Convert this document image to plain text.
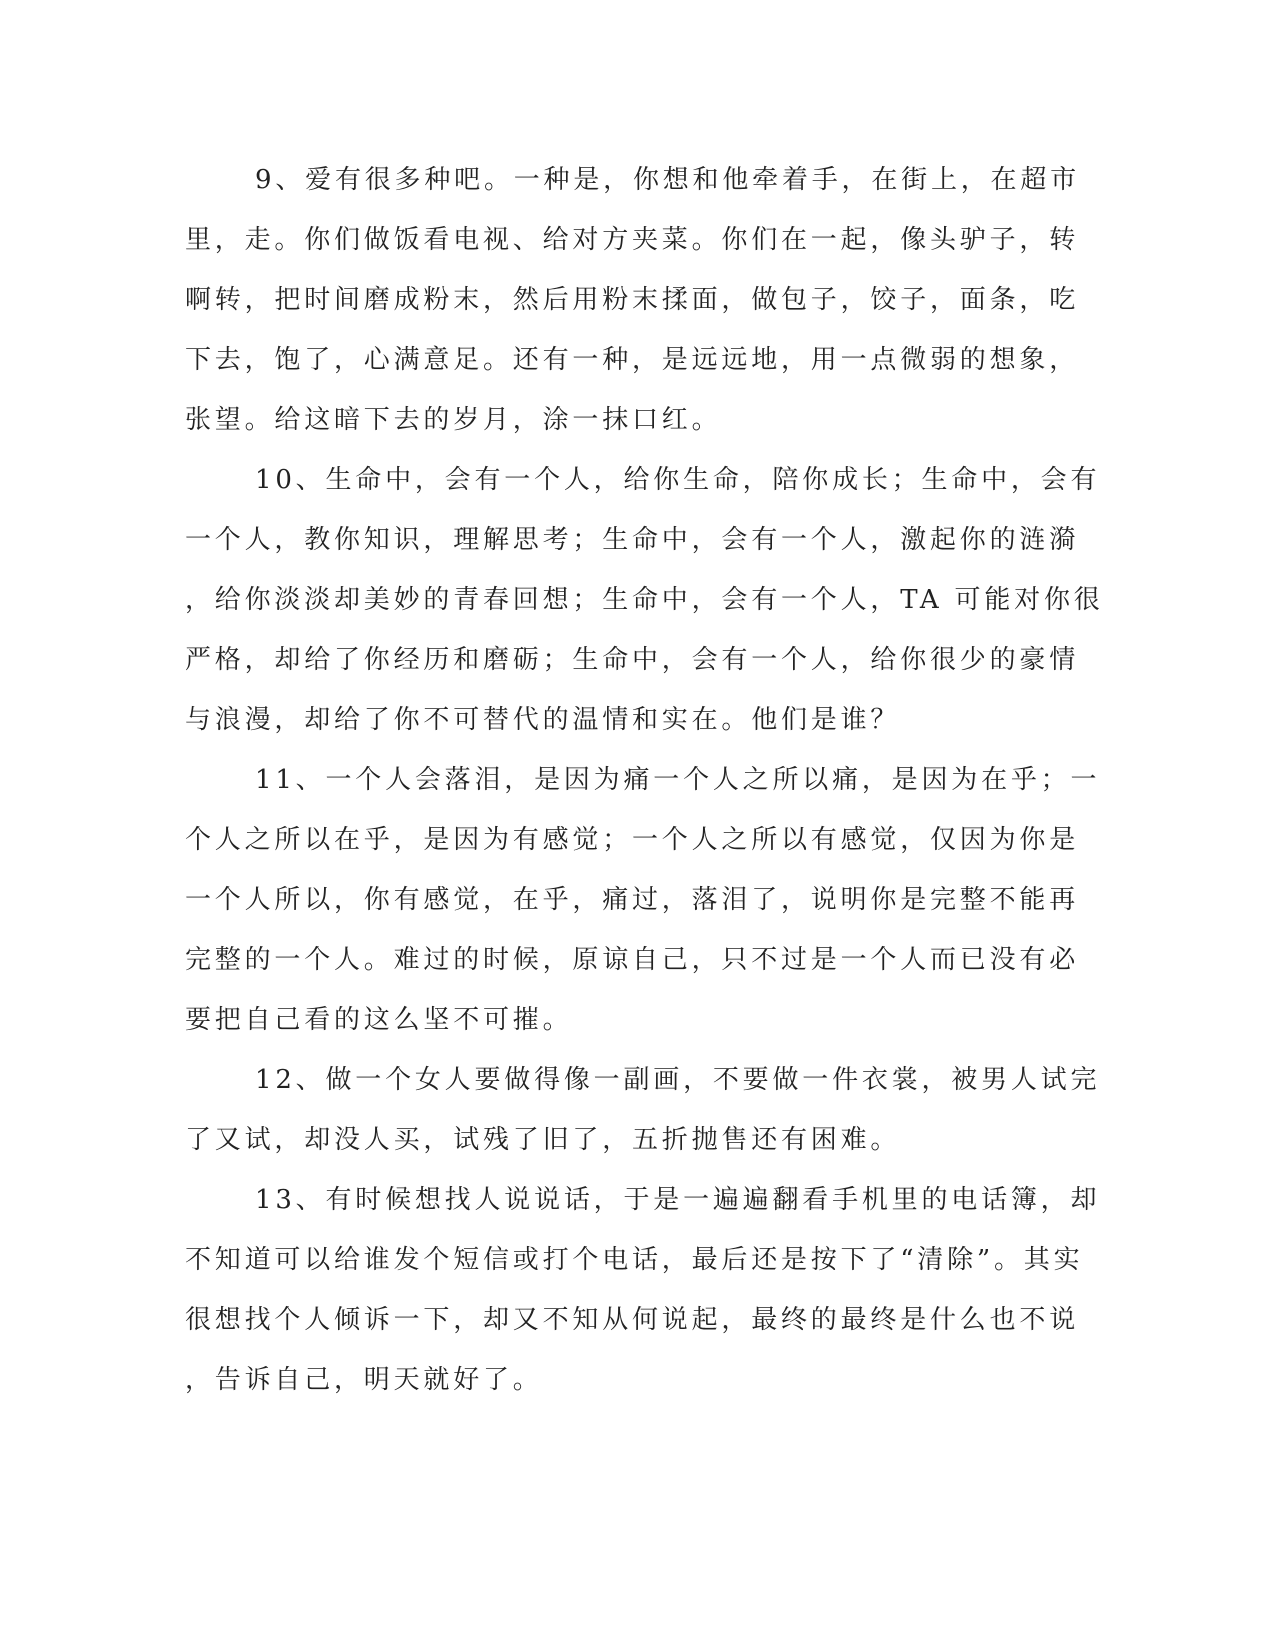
9、爱有很多种吧。一种是，你想和他牵着手，在街上，在超市
里，走。你们做饭看电视、给对方夹菜。你们在一起，像头驴子，转
啊转，把时间磨成粉末，然后用粉末揉面，做包子，饺子，面条，吃
下去，饱了，心满意足。还有一种，是远远地，用一点微弱的想象，
张望。给这暗下去的岁月，涂一抹口红。

10、生命中，会有一个人，给你生命，陪你成长；生命中，会有
一个人，教你知识，理解思考；生命中，会有一个人，激起你的涟漪
，给你淡淡却美妙的青春回想；生命中，会有一个人，TA 可能对你很
严格，却给了你经历和磨砺；生命中，会有一个人，给你很少的豪情
与浪漫，却给了你不可替代的温情和实在。他们是谁？

11、一个人会落泪，是因为痛一个人之所以痛，是因为在乎；一
个人之所以在乎，是因为有感觉；一个人之所以有感觉，仅因为你是
一个人所以，你有感觉，在乎，痛过，落泪了，说明你是完整不能再
完整的一个人。难过的时候，原谅自己，只不过是一个人而已没有必
要把自己看的这么坚不可摧。

12、做一个女人要做得像一副画，不要做一件衣裳，被男人试完
了又试，却没人买，试残了旧了，五折抛售还有困难。

13、有时候想找人说说话，于是一遍遍翻看手机里的电话簿，却
不知道可以给谁发个短信或打个电话，最后还是按下了“清除”。其实
很想找个人倾诉一下，却又不知从何说起，最终的最终是什么也不说
，告诉自己，明天就好了。
